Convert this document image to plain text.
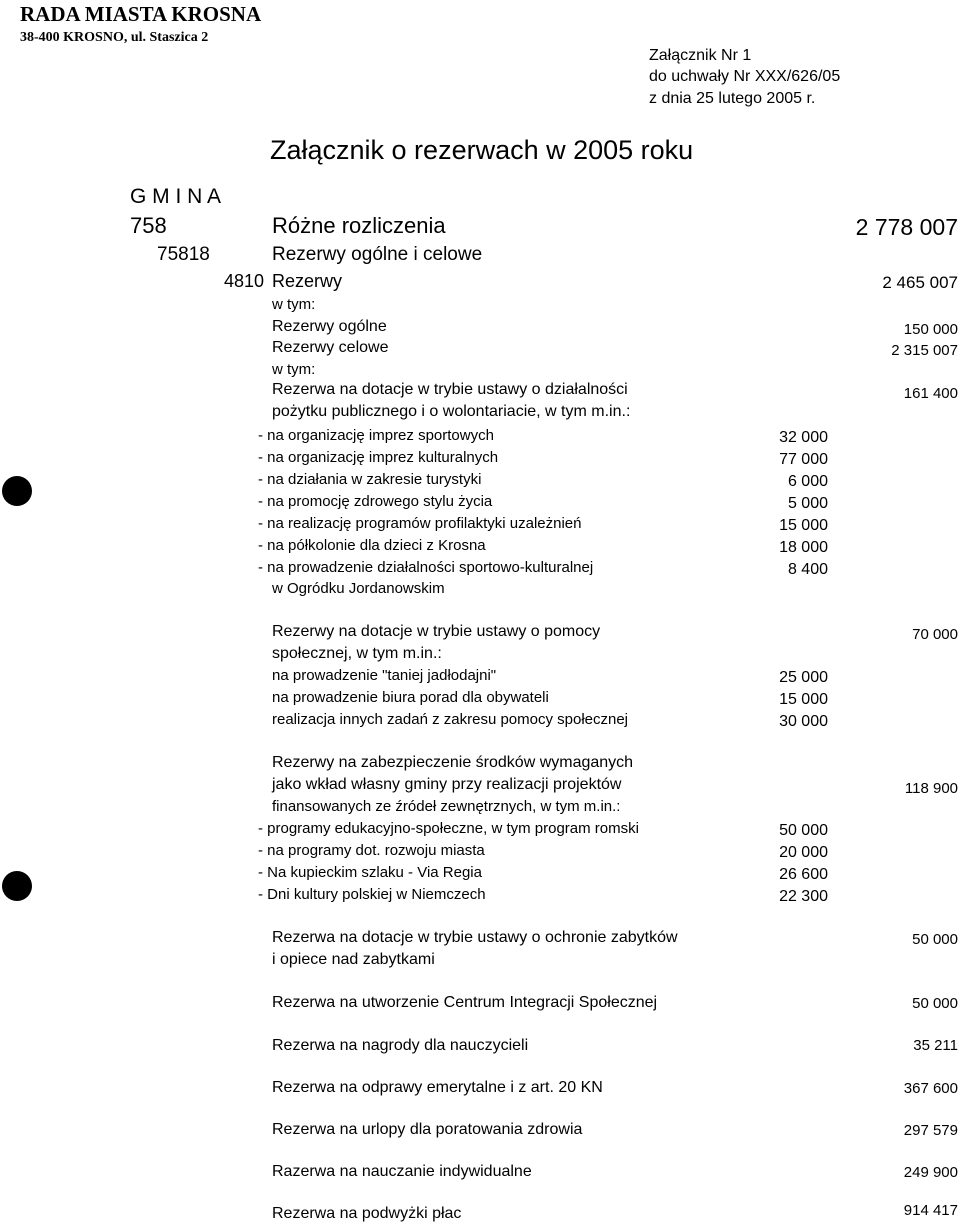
RADA MIASTA KROSNA
38-400 KROSNO, ul. Staszica 2
Załącznik Nr 1
do uchwały Nr XXX/626/05
z dnia 25 lutego 2005 r.
Załącznik o rezerwach w 2005 roku
G M I N A
758	Różne rozliczenia	2 778 007
75818	Rezerwy ogólne i celowe
4810 Rezerwy	2 465 007
w tym:
Rezerwy ogólne	150 000
Rezerwy celowe	2 315 007
w tym:
Rezerwa na dotacje w trybie ustawy o działalności
pożytku publicznego i o wolontariacie, w tym m.in.:
161 400
- na organizację imprez sportowych	32 000
- na organizację imprez kulturalnych	77 000
- na działania w zakresie turystyki	6 000
- na promocję zdrowego stylu życia	5 000
- na realizację programów profilaktyki uzależnień	15 000
- na półkolonie dla dzieci z Krosna	18 000
- na prowadzenie działalności sportowo-kulturalnej	8 400
w Ogródku Jordanowskim
Rezerwy na dotacje w trybie ustawy o pomocy
społecznej, w tym m.in.:
70 000
na prowadzenie "taniej jadłodajni"	25 000
na prowadzenie biura porad dla obywateli	15 000
realizacja innych zadań z zakresu pomocy społecznej	30 000
Rezerwy na zabezpieczenie środków wymaganych
jako wkład własny gminy przy realizacji projektów
finansowanych ze źródeł zewnętrznych, w tym m.in.:
118 900
- programy edukacyjno-społeczne, w tym program romski	50 000
- na programy dot. rozwoju miasta	20 000
- Na kupieckim szlaku - Via Regia	26 600
- Dni kultury polskiej w Niemczech	22 300
Rezerwa na dotacje w trybie ustawy o ochronie zabytków
i opiece nad zabytkami
50 000
Rezerwa na utworzenie Centrum Integracji Społecznej	50 000
Rezerwa na nagrody dla nauczycieli	35 211
Rezerwa na odprawy emerytalne i z art. 20 KN	367 600
Rezerwa na urlopy dla poratowania zdrowia	297 579
Razerwa na nauczanie indywidualne	249 900
Rezerwa na podwyżki płac	914 417
